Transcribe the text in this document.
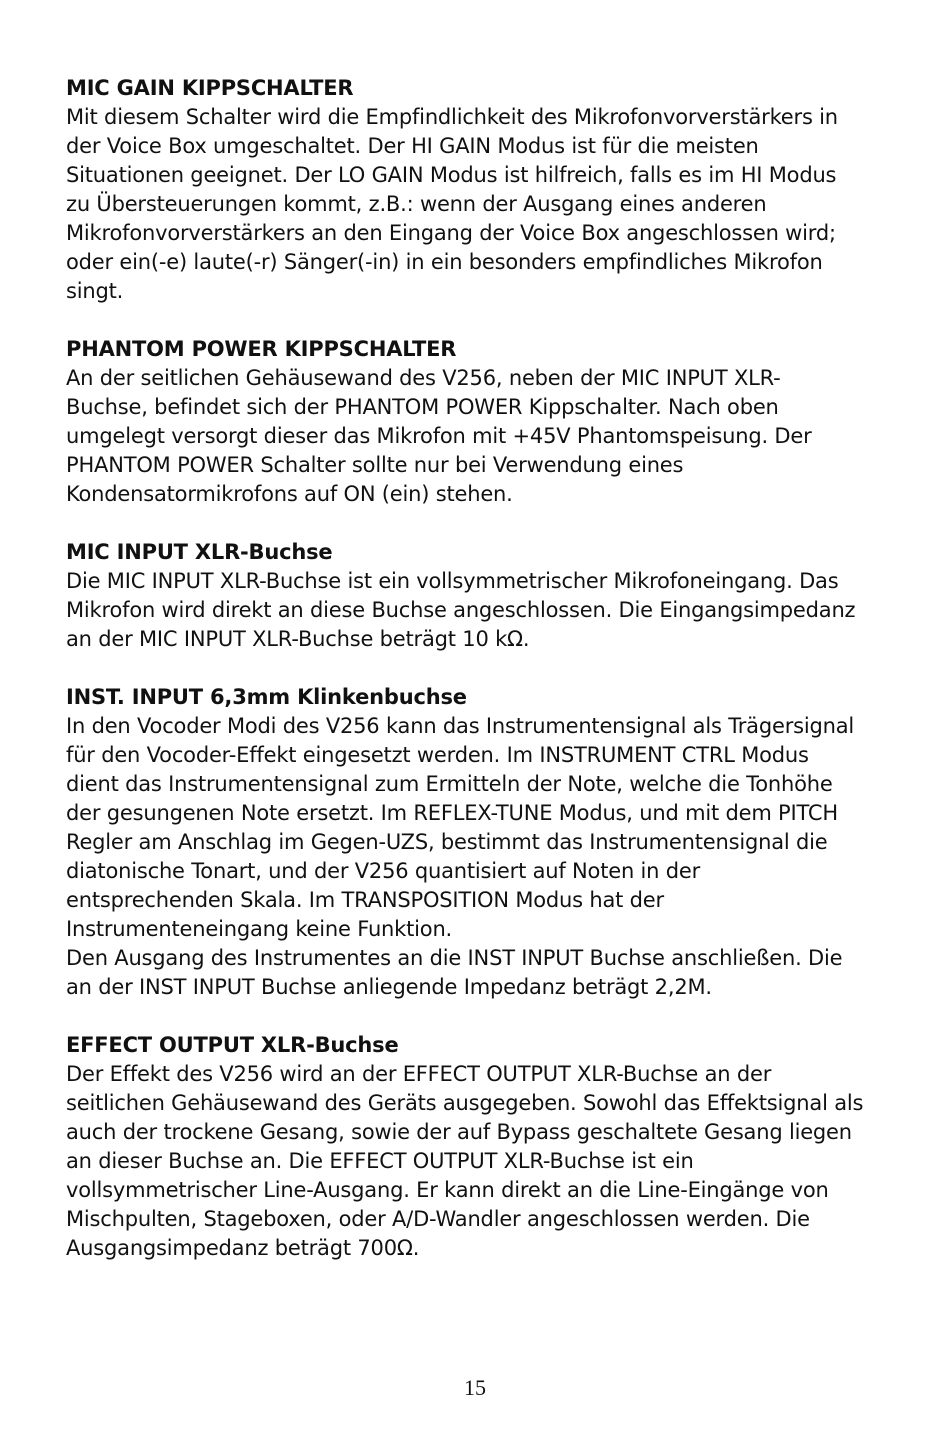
MIC GAIN KIPPSCHALTER
Mit diesem Schalter wird die Empfindlichkeit des Mikrofonvorverstärkers in
der Voice Box umgeschaltet. Der HI GAIN Modus ist für die meisten
Situationen geeignet. Der LO GAIN Modus ist hilfreich, falls es im HI Modus
zu Übersteuerungen kommt, z.B.: wenn der Ausgang eines anderen
Mikrofonvorverstärkers an den Eingang der Voice Box angeschlossen wird;
oder ein(-e) laute(-r) Sänger(-in) in ein besonders empfindliches Mikrofon
singt.
PHANTOM POWER KIPPSCHALTER
An der seitlichen Gehäusewand des V256, neben der MIC INPUT XLR-
Buchse, befindet sich der PHANTOM POWER Kippschalter. Nach oben
umgelegt versorgt dieser das Mikrofon mit +45V Phantomspeisung. Der
PHANTOM POWER Schalter sollte nur bei Verwendung eines
Kondensatormikrofons auf ON (ein) stehen.
MIC INPUT XLR-Buchse
Die MIC INPUT XLR-Buchse ist ein vollsymmetrischer Mikrofoneingang. Das
Mikrofon wird direkt an diese Buchse angeschlossen. Die Eingangsimpedanz
an der MIC INPUT XLR-Buchse beträgt 10 kΩ.
INST. INPUT 6,3mm Klinkenbuchse
In den Vocoder Modi des V256 kann das Instrumentensignal als Trägersignal
für den Vocoder-Effekt eingesetzt werden. Im INSTRUMENT CTRL Modus
dient das Instrumentensignal zum Ermitteln der Note, welche die Tonhöhe
der gesungenen Note ersetzt. Im REFLEX-TUNE Modus, und mit dem PITCH
Regler am Anschlag im Gegen-UZS, bestimmt das Instrumentensignal die
diatonische Tonart, und der V256 quantisiert auf Noten in der
entsprechenden Skala. Im TRANSPOSITION Modus hat der
Instrumenteneingang keine Funktion.
Den Ausgang des Instrumentes an die INST INPUT Buchse anschließen. Die
an der INST INPUT Buchse anliegende Impedanz beträgt 2,2M.
EFFECT OUTPUT XLR-Buchse
Der Effekt des V256 wird an der EFFECT OUTPUT XLR-Buchse an der
seitlichen Gehäusewand des Geräts ausgegeben. Sowohl das Effektsignal als
auch der trockene Gesang, sowie der auf Bypass geschaltete Gesang liegen
an dieser Buchse an. Die EFFECT OUTPUT XLR-Buchse ist ein
vollsymmetrischer Line-Ausgang. Er kann direkt an die Line-Eingänge von
Mischpulten, Stageboxen, oder A/D-Wandler angeschlossen werden. Die
Ausgangsimpedanz beträgt 700Ω.
15
